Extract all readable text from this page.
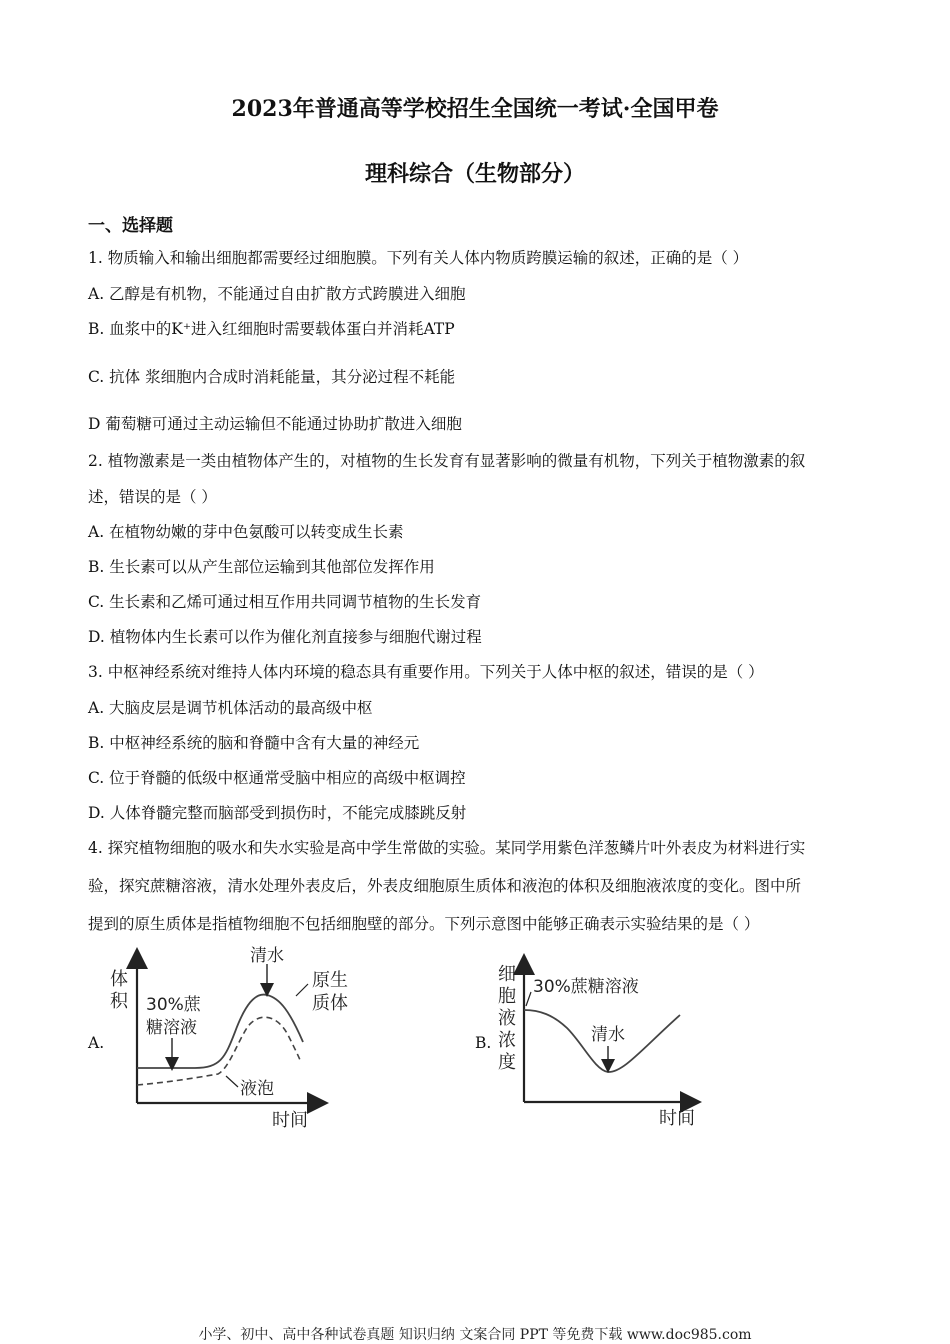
2023年普通高等学校招生全国统一考试·全国甲卷
理科综合（生物部分）
一、选择题
1. 物质输入和输出细胞都需要经过细胞膜。下列有关人体内物质跨膜运输的叙述，正确的是（ ）
A. 乙醇是有机物，不能通过自由扩散方式跨膜进入细胞
B. 血浆中的K⁺进入红细胞时需要载体蛋白并消耗ATP
C. 抗体 浆细胞内合成时消耗能量，其分泌过程不耗能
D 葡萄糖可通过主动运输但不能通过协助扩散进入细胞
2. 植物激素是一类由植物体产生的，对植物的生长发育有显著影响的微量有机物，下列关于植物激素的叙
述，错误的是（ ）
A. 在植物幼嫩的芽中色氨酸可以转变成生长素
B. 生长素可以从产生部位运输到其他部位发挥作用
C. 生长素和乙烯可通过相互作用共同调节植物的生长发育
D. 植物体内生长素可以作为催化剂直接参与细胞代谢过程
3. 中枢神经系统对维持人体内环境的稳态具有重要作用。下列关于人体中枢的叙述，错误的是（ ）
A. 大脑皮层是调节机体活动的最高级中枢
B. 中枢神经系统的脑和脊髓中含有大量的神经元
C. 位于脊髓的低级中枢通常受脑中相应的高级中枢调控
D. 人体脊髓完整而脑部受到损伤时，不能完成膝跳反射
4. 探究植物细胞的吸水和失水实验是高中学生常做的实验。某同学用紫色洋葱鳞片叶外表皮为材料进行实
验，探究蔗糖溶液，清水处理外表皮后，外表皮细胞原生质体和液泡的体积及细胞液浓度的变化。图中所
提到的原生质体是指植物细胞不包括细胞壁的部分。下列示意图中能够正确表示实验结果的是（ ）
A.
体
积 30%蔗
糖溶液
清水
原生
质体
液泡
时间
B.
细
胞
液
浓
度
30%蔗糖溶液
清水
时间
小学、初中、高中各种试卷真题 知识归纳 文案合同 PPT 等免费下载 www.doc985.com
